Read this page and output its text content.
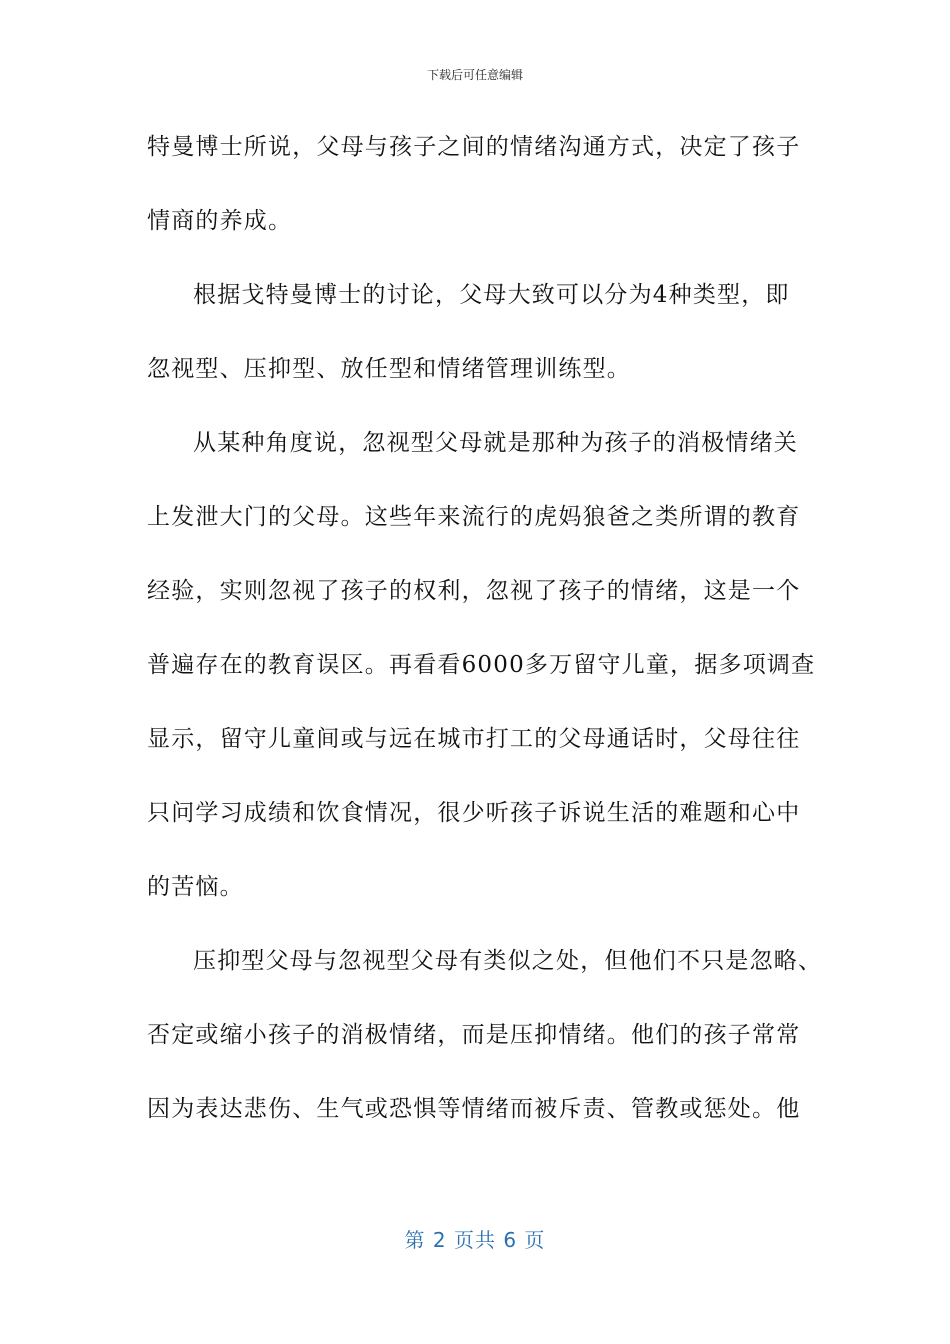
下载后可任意编辑
特曼博士所说，父母与孩子之间的情绪沟通方式，决定了孩子
情商的养成。
根据戈特曼博士的讨论，父母大致可以分为4种类型，即
忽视型、压抑型、放任型和情绪管理训练型。
从某种角度说，忽视型父母就是那种为孩子的消极情绪关
上发泄大门的父母。这些年来流行的虎妈狼爸之类所谓的教育
经验，实则忽视了孩子的权利，忽视了孩子的情绪，这是一个
普遍存在的教育误区。再看看6000多万留守儿童，据多项调查
显示，留守儿童间或与远在城市打工的父母通话时，父母往往
只问学习成绩和饮食情况，很少听孩子诉说生活的难题和心中
的苦恼。
压抑型父母与忽视型父母有类似之处，但他们不只是忽略、
否定或缩小孩子的消极情绪，而是压抑情绪。他们的孩子常常
因为表达悲伤、生气或恐惧等情绪而被斥责、管教或惩处。他
第 2 页共 6 页
